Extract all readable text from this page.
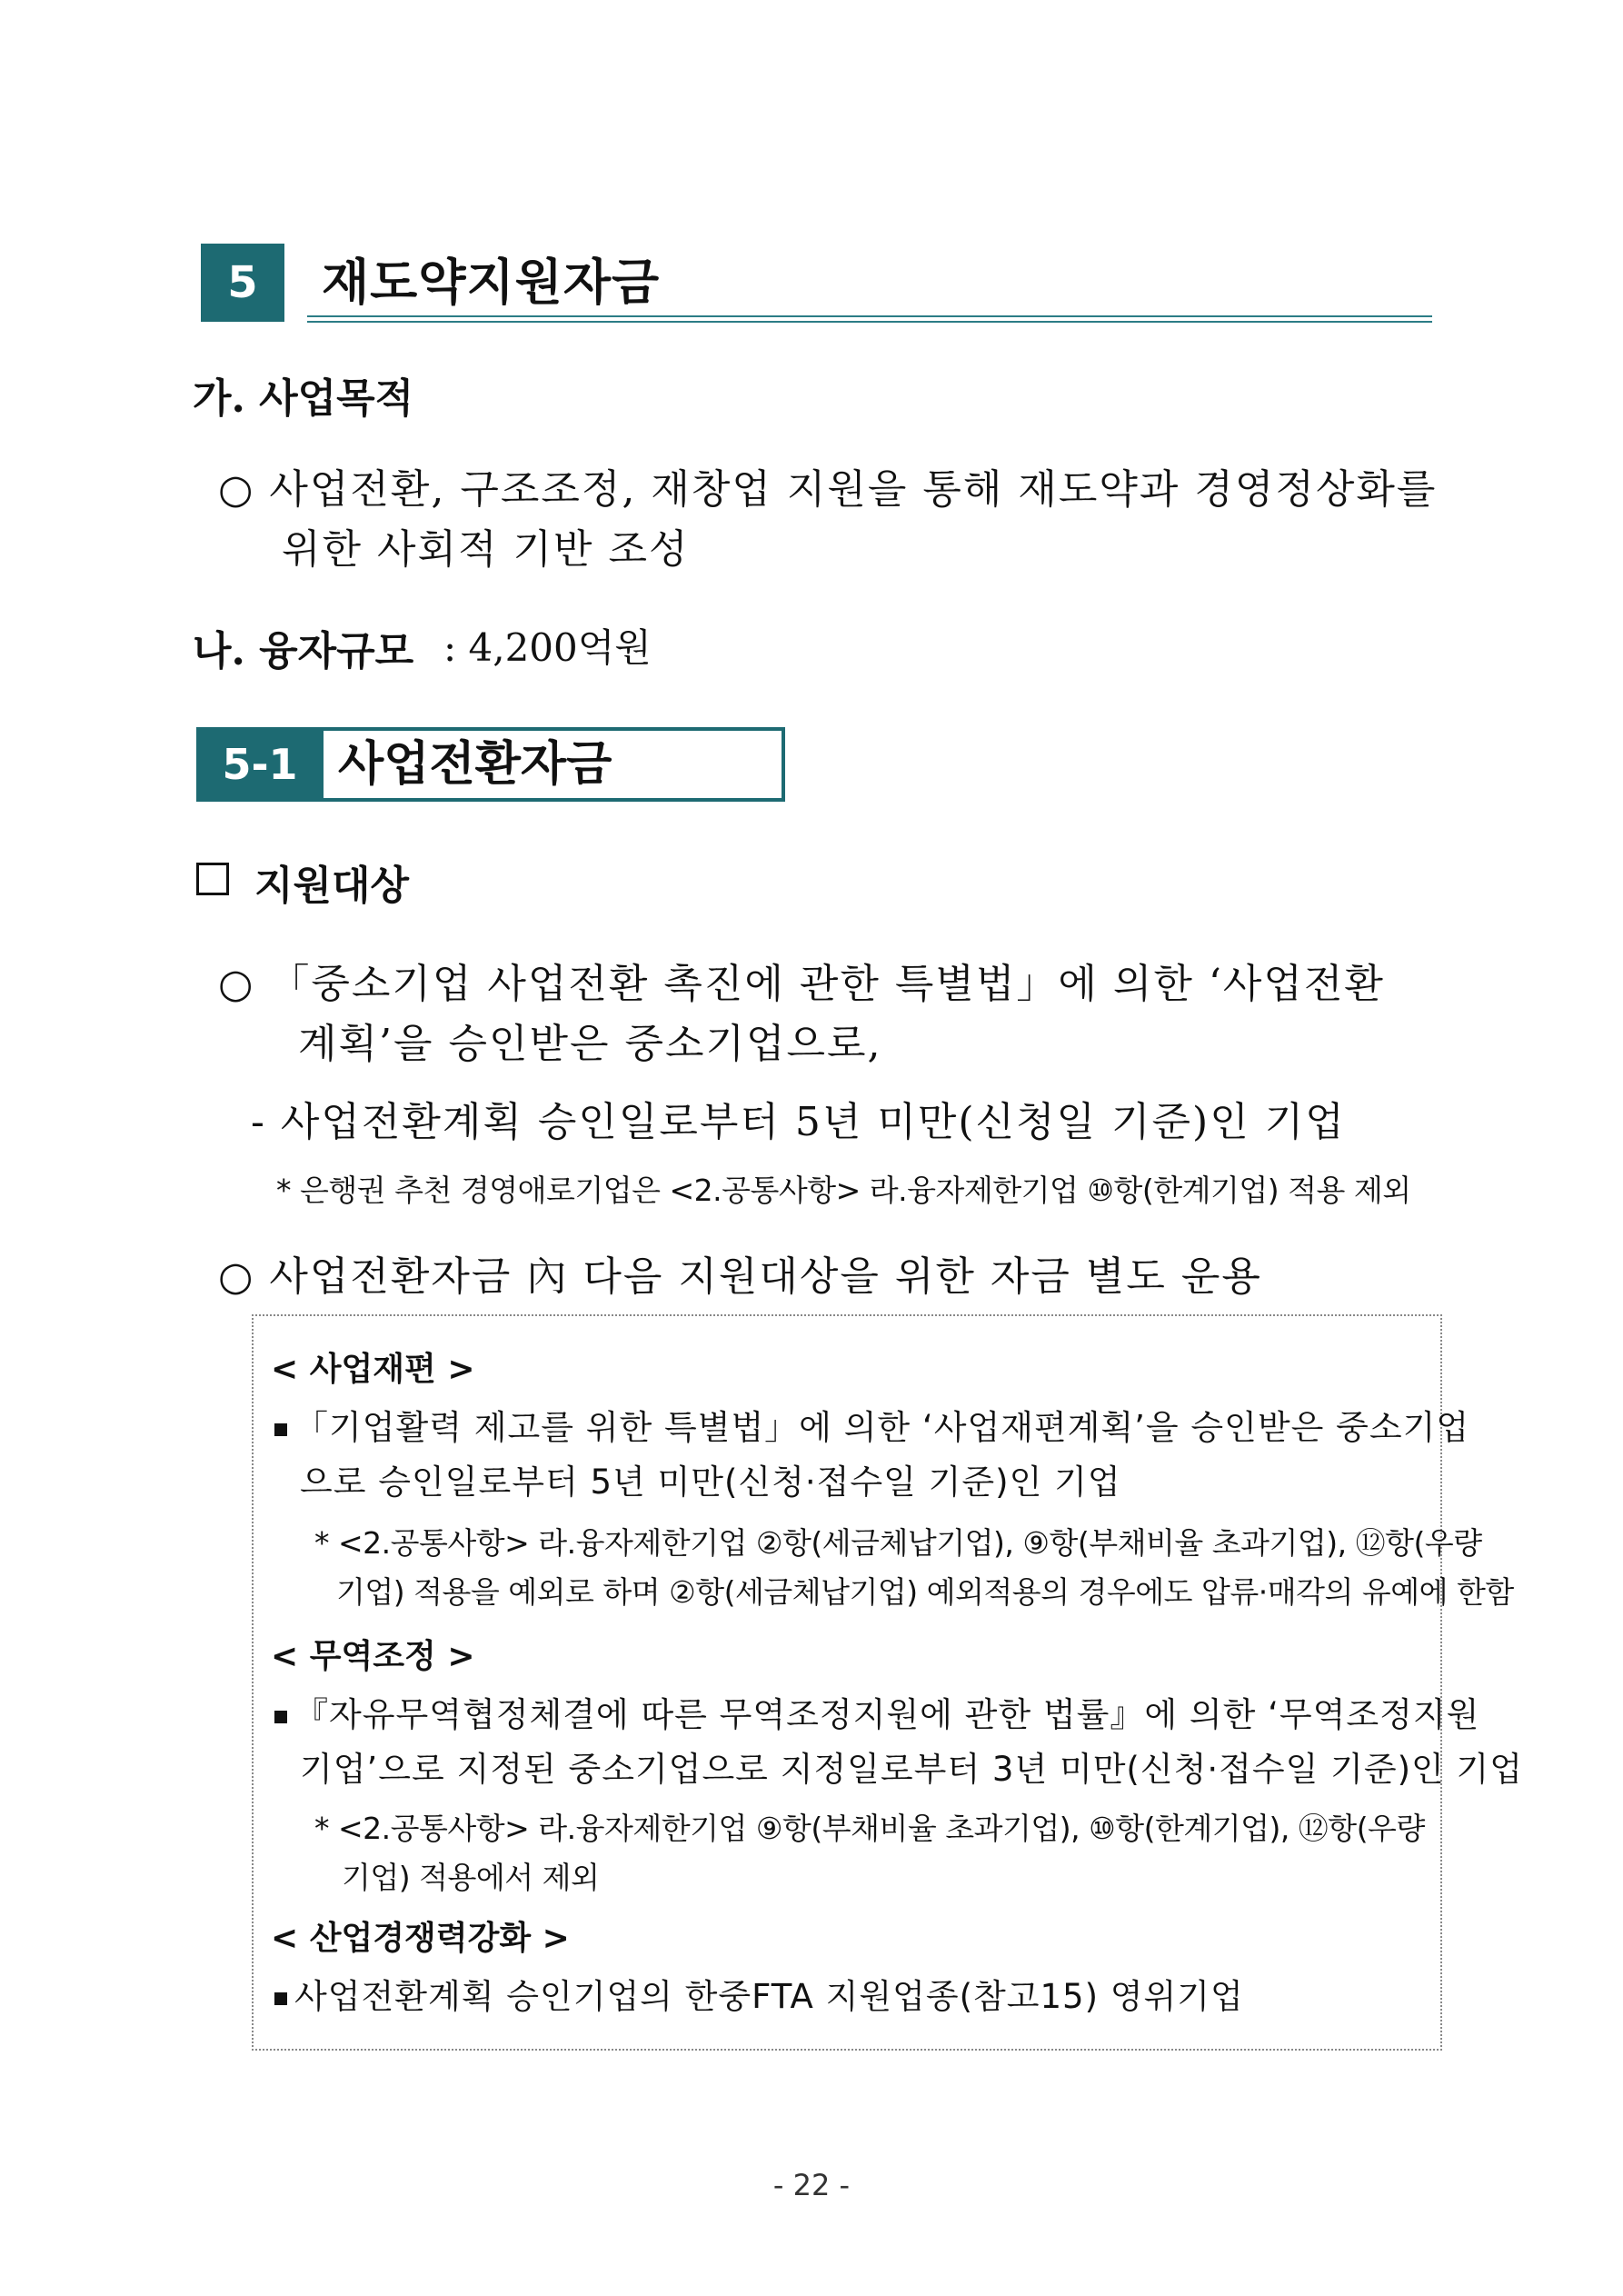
5	재도약지원자금
가. 사업목적
○ 사업전환, 구조조정, 재창업 지원을 통해 재도약과 경영정상화를
위한 사회적 기반 조성
나. 융자규모 : 4,200억원
5-1 사업전환자금
지원대상
○ 「중소기업 사업전환 촉진에 관한 특별법」에 의한 ‘사업전환
계획’을 승인받은 중소기업으로,
- 사업전환계획 승인일로부터 5년 미만(신청일 기준)인 기업
* 은행권 추천 경영애로기업은 <2.공통사항> 라.융자제한기업 ⑩항(한계기업) 적용 제외
○ 사업전환자금 內 다음 지원대상을 위한 자금 별도 운용
< 사업재편 >
「기업활력 제고를 위한 특별법」에 의한 ‘사업재편계획’을 승인받은 중소기업
으로 승인일로부터 5년 미만(신청·접수일 기준)인 기업
* <2.공통사항> 라.융자제한기업 ②항(세금체납기업), ⑨항(부채비율 초과기업), ⑫항(우량
기업) 적용을 예외로 하며 ②항(세금체납기업) 예외적용의 경우에도 압류·매각의 유예에 한함
< 무역조정 >
『자유무역협정체결에 따른 무역조정지원에 관한 법률』에 의한 ‘무역조정지원
기업’으로 지정된 중소기업으로 지정일로부터 3년 미만(신청·접수일 기준)인 기업
* <2.공통사항> 라.융자제한기업 ⑨항(부채비율 초과기업), ⑩항(한계기업), ⑫항(우량
기업) 적용에서 제외
< 산업경쟁력강화 >
사업전환계획 승인기업의 한중FTA 지원업종(참고15) 영위기업
- 22 -
